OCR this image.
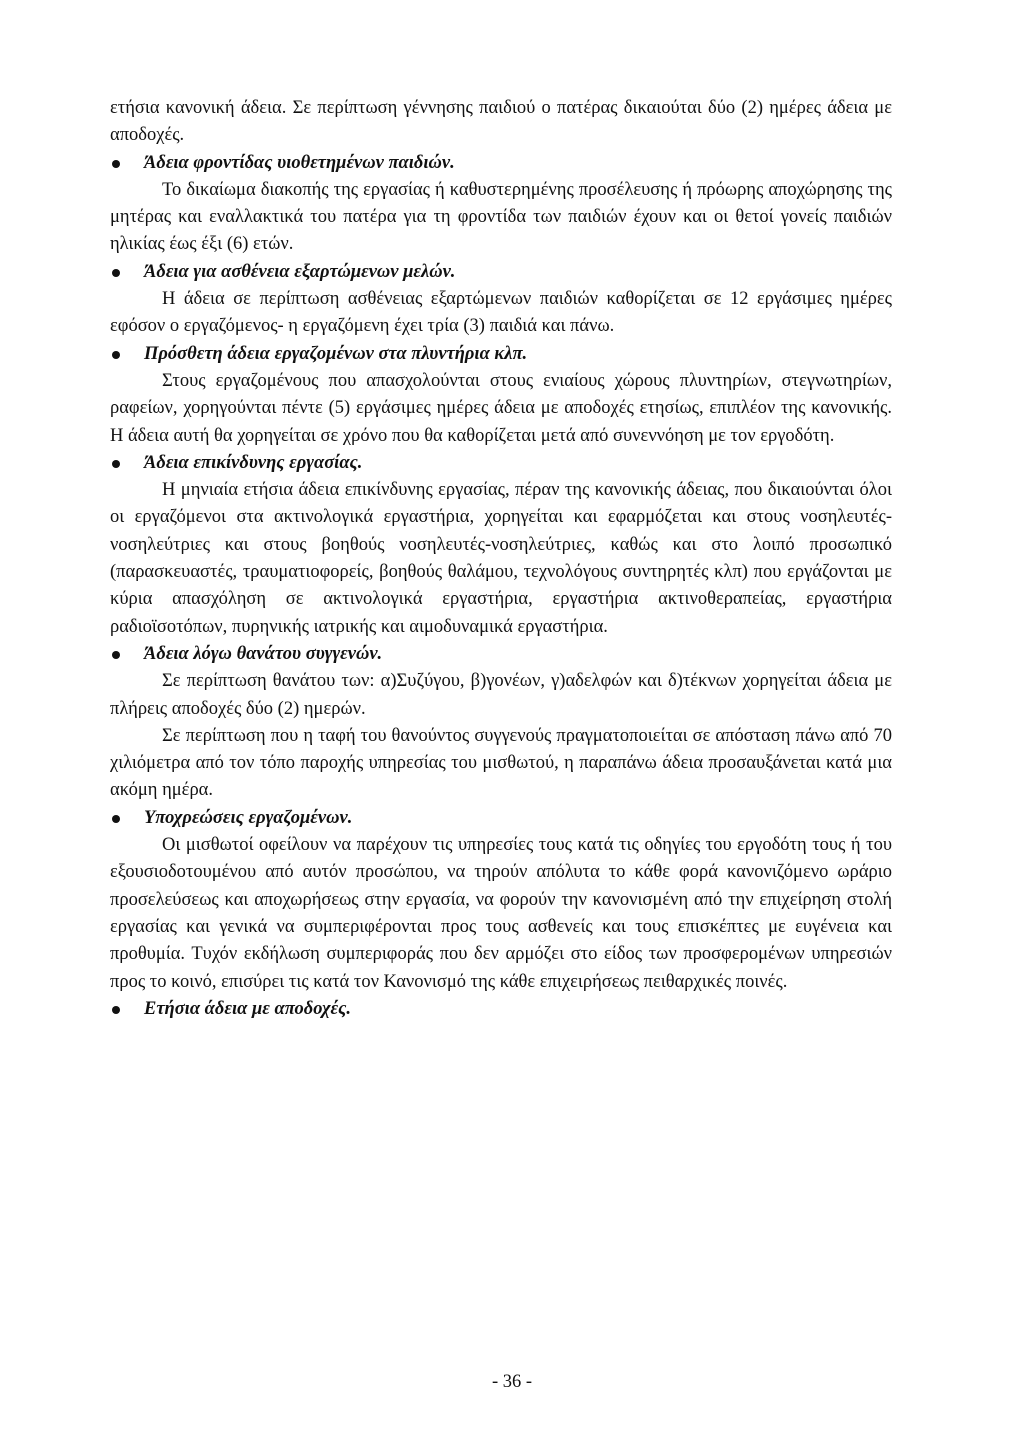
ετήσια κανονική άδεια. Σε περίπτωση γέννησης παιδιού ο πατέρας δικαιούται δύο (2) ημέρες άδεια με αποδοχές.

Άδεια φροντίδας υιοθετημένων παιδιών.

Το δικαίωμα διακοπής της εργασίας ή καθυστερημένης προσέλευσης ή πρόωρης αποχώρησης της μητέρας και εναλλακτικά του πατέρα για τη φροντίδα των παιδιών έχουν και οι θετοί γονείς παιδιών ηλικίας έως έξι (6) ετών.

Άδεια για ασθένεια εξαρτώμενων μελών.

Η άδεια σε περίπτωση ασθένειας εξαρτώμενων παιδιών καθορίζεται σε 12 εργάσιμες ημέρες εφόσον ο εργαζόμενος- η εργαζόμενη έχει τρία (3) παιδιά και πάνω.

Πρόσθετη άδεια εργαζομένων στα πλυντήρια κλπ.

Στους εργαζομένους που απασχολούνται στους ενιαίους χώρους πλυντηρίων, στεγνωτηρίων, ραφείων, χορηγούνται πέντε (5) εργάσιμες ημέρες άδεια με αποδοχές ετησίως, επιπλέον της κανονικής. Η άδεια αυτή θα χορηγείται σε χρόνο που θα καθορίζεται μετά από συνεννόηση με τον εργοδότη.

Άδεια επικίνδυνης εργασίας.

Η μηνιαία ετήσια άδεια επικίνδυνης εργασίας, πέραν της κανονικής άδειας, που δικαιούνται όλοι οι εργαζόμενοι στα ακτινολογικά εργαστήρια, χορηγείται και εφαρμόζεται και στους νοσηλευτές-νοσηλεύτριες και στους βοηθούς νοσηλευτές-νοσηλεύτριες, καθώς και στο λοιπό προσωπικό (παρασκευαστές, τραυματιοφορείς, βοηθούς θαλάμου, τεχνολόγους συντηρητές κλπ) που εργάζονται με κύρια απασχόληση σε ακτινολογικά εργαστήρια, εργαστήρια ακτινοθεραπείας, εργαστήρια ραδιοϊσοτόπων, πυρηνικής ιατρικής και αιμοδυναμικά εργαστήρια.

Άδεια λόγω θανάτου συγγενών.

Σε περίπτωση θανάτου των: α)Συζύγου, β)γονέων, γ)αδελφών και δ)τέκνων χορηγείται άδεια με πλήρεις αποδοχές δύο (2) ημερών.

Σε περίπτωση που η ταφή του θανούντος συγγενούς πραγματοποιείται σε απόσταση πάνω από 70 χιλιόμετρα από τον τόπο παροχής υπηρεσίας του μισθωτού, η παραπάνω άδεια προσαυξάνεται κατά μια ακόμη ημέρα.

Υποχρεώσεις εργαζομένων.

Οι μισθωτοί οφείλουν να παρέχουν τις υπηρεσίες τους κατά τις οδηγίες του εργοδότη τους ή του εξουσιοδοτουμένου από αυτόν προσώπου, να τηρούν απόλυτα το κάθε φορά κανονιζόμενο ωράριο προσελεύσεως και αποχωρήσεως στην εργασία, να φορούν την κανονισμένη από την επιχείρηση στολή εργασίας και γενικά να συμπεριφέρονται προς τους ασθενείς και τους επισκέπτες με ευγένεια και προθυμία. Τυχόν εκδήλωση συμπεριφοράς που δεν αρμόζει στο είδος των προσφερομένων υπηρεσιών προς το κοινό, επισύρει τις κατά τον Κανονισμό της κάθε επιχειρήσεως πειθαρχικές ποινές.

Ετήσια άδεια με αποδοχές.
- 36 -
